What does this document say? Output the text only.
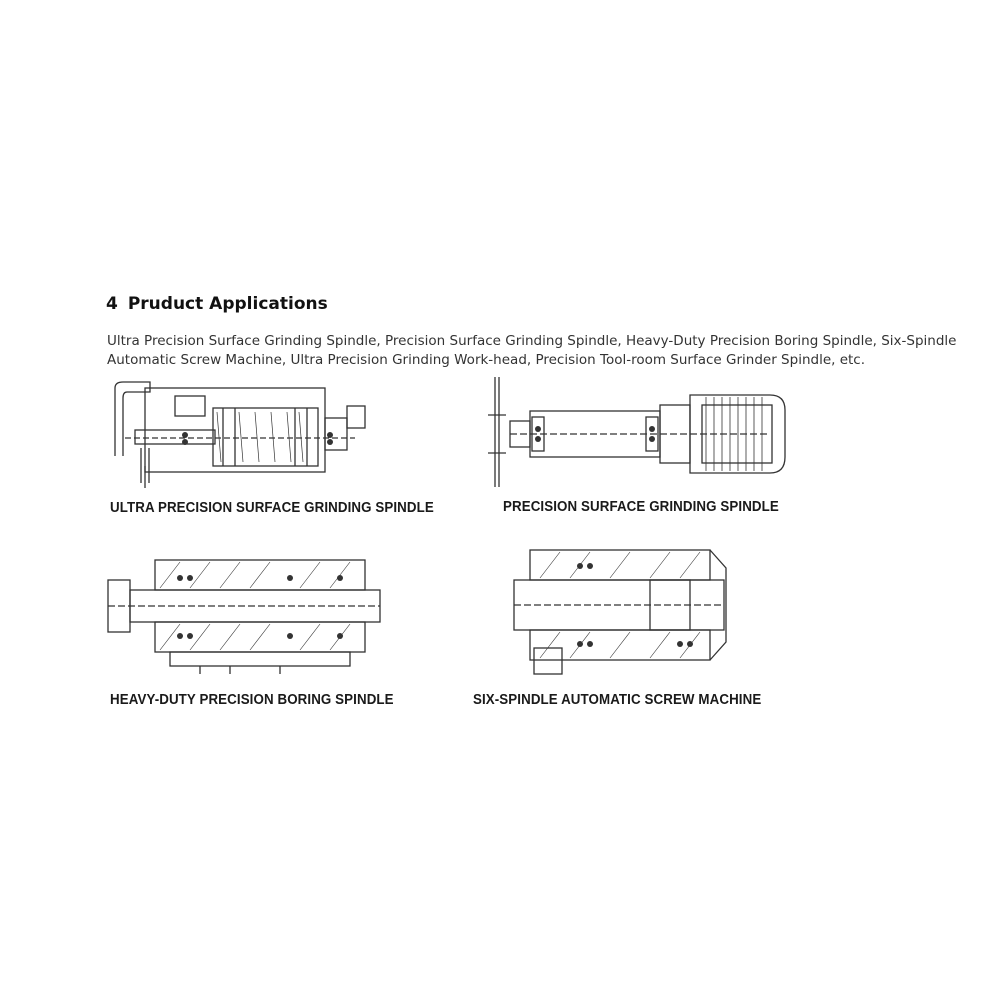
4 Pruduct Applications
Ultra Precision Surface Grinding Spindle, Precision Surface Grinding Spindle, Heavy-Duty Precision Boring Spindle, Six-Spindle Automatic Screw Machine, Ultra Precision Grinding Work-head, Precision Tool-room Surface Grinder Spindle, etc.
ULTRA PRECISION SURFACE GRINDING SPINDLE	PRECISION SURFACE GRINDING SPINDLE
HEAVY-DUTY PRECISION BORING SPINDLE	SIX-SPINDLE AUTOMATIC SCREW MACHINE
